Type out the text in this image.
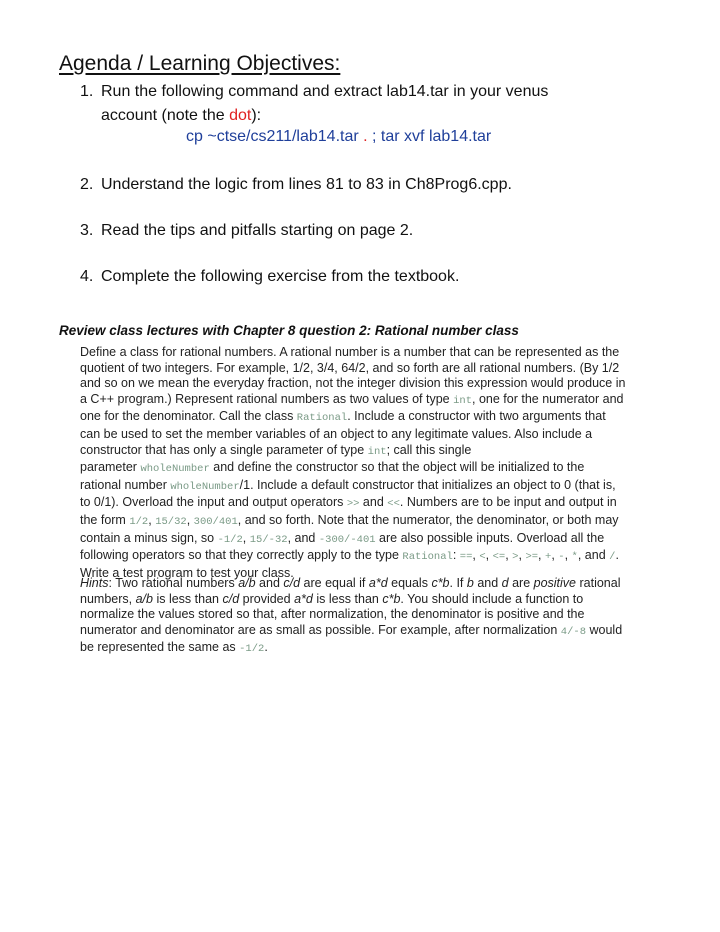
Agenda / Learning Objectives:
1. Run the following command and extract lab14.tar in your venus
account (note the dot):
cp ~ctse/cs211/lab14.tar . ; tar xvf lab14.tar
2. Understand the logic from lines 81 to 83 in Ch8Prog6.cpp.
3. Read the tips and pitfalls starting on page 2.
4. Complete the following exercise from the textbook.
Review class lectures with Chapter 8 question 2: Rational number class
Define a class for rational numbers. A rational number is a number that can be represented as the
quotient of two integers. For example, 1/2, 3/4, 64/2, and so forth are all rational numbers. (By 1/2
and so on we mean the everyday fraction, not the integer division this expression would produce in
a C++ program.) Represent rational numbers as two values of type int, one for the numerator and
one for the denominator. Call the class Rational. Include a constructor with two arguments that
can be used to set the member variables of an object to any legitimate values. Also include a
constructor that has only a single parameter of type int; call this single
parameter wholeNumber and define the constructor so that the object will be initialized to the
rational number wholeNumber/1. Include a default constructor that initializes an object to 0 (that is,
to 0/1). Overload the input and output operators >> and <<. Numbers are to be input and output in
the form 1/2, 15/32, 300/401, and so forth. Note that the numerator, the denominator, or both may
contain a minus sign, so -1/2, 15/-32, and -300/-401 are also possible inputs. Overload all the
following operators so that they correctly apply to the type Rational: ==, <, <=, >, >=, +, -, *, and /.
Write a test program to test your class.
Hints: Two rational numbers a/b and c/d are equal if a*d equals c*b. If b and d are positive rational
numbers, a/b is less than c/d provided a*d is less than c*b. You should include a function to
normalize the values stored so that, after normalization, the denominator is positive and the
numerator and denominator are as small as possible. For example, after normalization 4/-8 would
be represented the same as -1/2.
